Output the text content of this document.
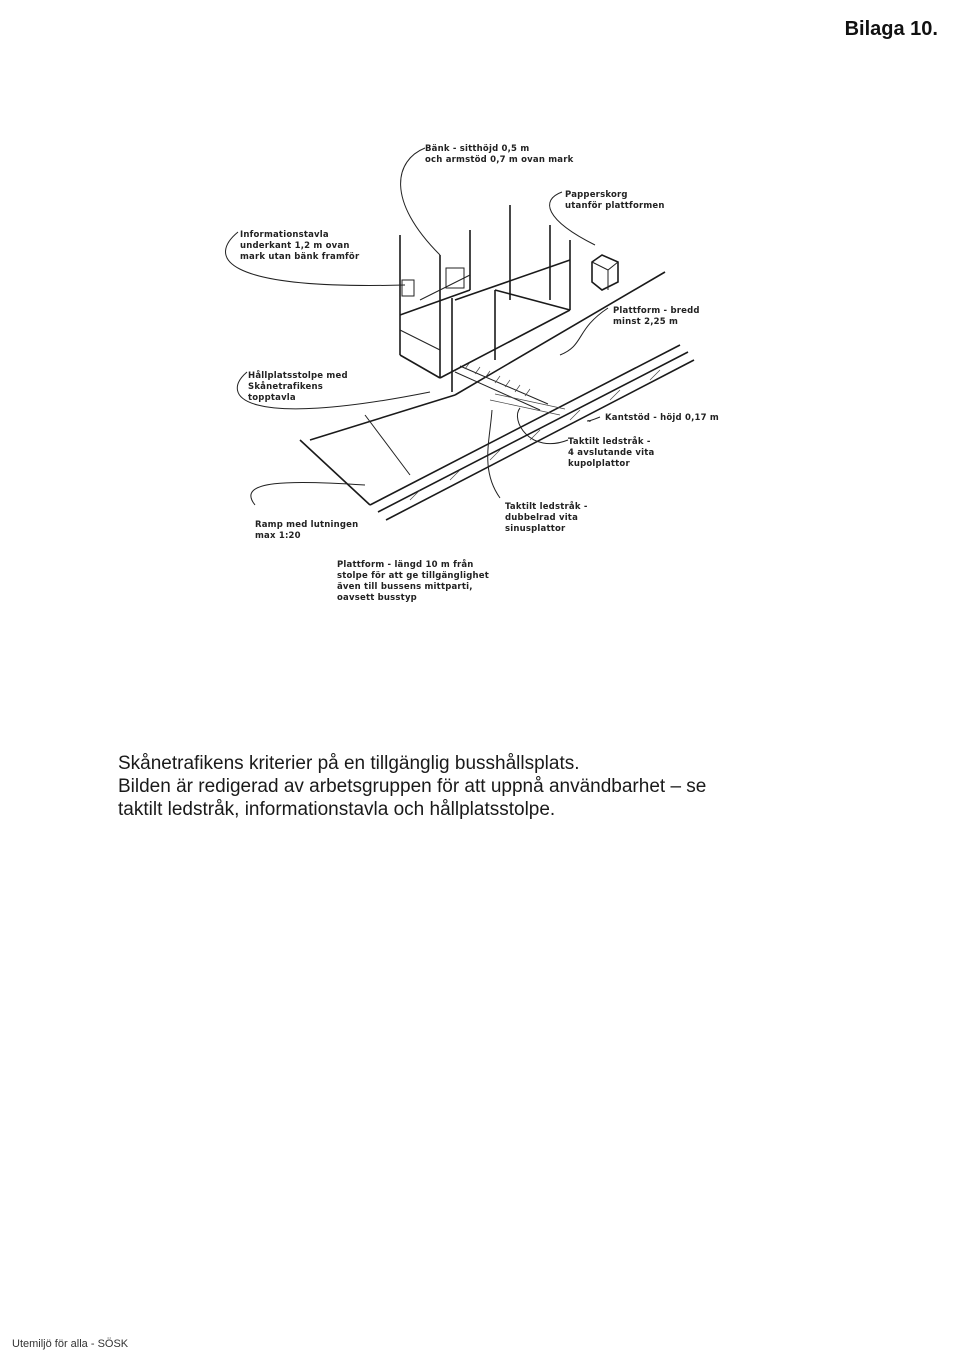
Bilaga 10.
Bänk - sitthöjd 0,5 m
och armstöd 0,7 m ovan mark
Papperskorg
utanför plattformen
Informationstavla
underkant 1,2 m ovan
mark utan bänk framför
Plattform - bredd
minst 2,25 m
Hållplatsstolpe med
Skånetrafikens
topptavla
Kantstöd - höjd 0,17 m
Taktilt ledstråk -
4 avslutande vita
kupolplattor
Ramp med lutningen
max 1:20
Taktilt ledstråk -
dubbelrad vita
sinusplattor
Plattform - längd 10 m från
stolpe för att ge tillgänglighet
även till bussens mittparti,
oavsett busstyp
Skånetrafikens kriterier på en tillgänglig busshållsplats.
Bilden är redigerad av arbetsgruppen för att uppnå användbarhet – se
taktilt ledstråk, informationstavla och hållplatsstolpe.
Utemiljö för alla - SÖSK
